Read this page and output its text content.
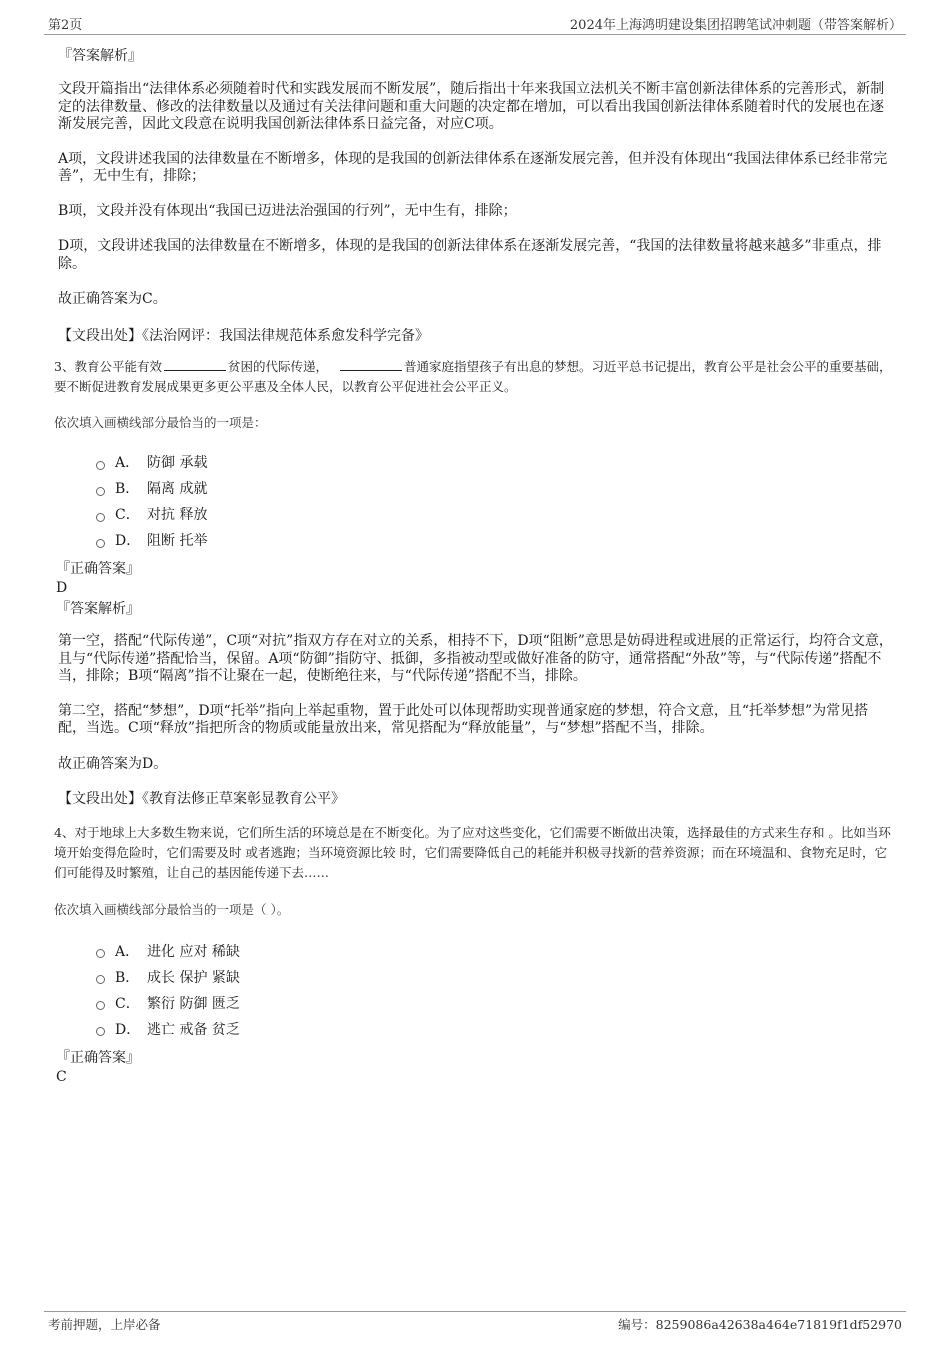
第2页	2024年上海鸿明建设集团招聘笔试冲刺题（带答案解析）

『答案解析』

文段开篇指出“法律体系必须随着时代和实践发展而不断发展”，随后指出十年来我国立法机关不断丰富创新法律体系的完善形式，新制定的法律数量、修改的法律数量以及通过有关法律问题和重大问题的决定都在增加，可以看出我国创新法律体系随着时代的发展也在逐渐发展完善，因此文段意在说明我国创新法律体系日益完备，对应C项。

A项，文段讲述我国的法律数量在不断增多，体现的是我国的创新法律体系在逐渐发展完善，但并没有体现出“我国法律体系已经非常完善”，无中生有，排除；

B项，文段并没有体现出“我国已迈进法治强国的行列”，无中生有，排除；

D项，文段讲述我国的法律数量在不断增多，体现的是我国的创新法律体系在逐渐发展完善，“我国的法律数量将越来越多”非重点，排除。

故正确答案为C。

【文段出处】《法治网评：我国法律规范体系愈发科学完备》

3、教育公平能有效	贫困的代际传递，	普通家庭指望孩子有出息的梦想。习近平总书记提出，教育公平是社会公平的重要基础，要不断促进教育发展成果更多更公平惠及全体人民，以教育公平促进社会公平正义。

依次填入画横线部分最恰当的一项是：

A． 防御 承载
B． 隔离 成就
C． 对抗 释放
D． 阻断 托举

『正确答案』

D

『答案解析』

第一空，搭配“代际传递”，C项“对抗”指双方存在对立的关系，相持不下，D项“阻断”意思是妨碍进程或进展的正常运行，均符合文意，且与“代际传递”搭配恰当，保留。A项“防御”指防守、抵御，多指被动型或做好准备的防守，通常搭配“外敌”等，与“代际传递”搭配不当，排除；B项“隔离”指不让聚在一起，使断绝往来，与“代际传递”搭配不当，排除。

第二空，搭配“梦想”，D项“托举”指向上举起重物，置于此处可以体现帮助实现普通家庭的梦想，符合文意，且“托举梦想”为常见搭配，当选。C项“释放”指把所含的物质或能量放出来，常见搭配为“释放能量”，与“梦想”搭配不当，排除。

故正确答案为D。

【文段出处】《教育法修正草案彰显教育公平》

4、对于地球上大多数生物来说，它们所生活的环境总是在不断变化。为了应对这些变化，它们需要不断做出决策，选择最佳的方式来生存和 。比如当环境开始变得危险时，它们需要及时 或者逃跑；当环境资源比较 时，它们需要降低自己的耗能并积极寻找新的营养资源；而在环境温和、食物充足时，它们可能得及时繁殖，让自己的基因能传递下去……

依次填入画横线部分最恰当的一项是（ ）。

A． 进化 应对 稀缺
B． 成长 保护 紧缺
C． 繁衍 防御 匮乏
D． 逃亡 戒备 贫乏

『正确答案』

C

考前押题，上岸必备	编号：8259086a42638a464e71819f1df52970
